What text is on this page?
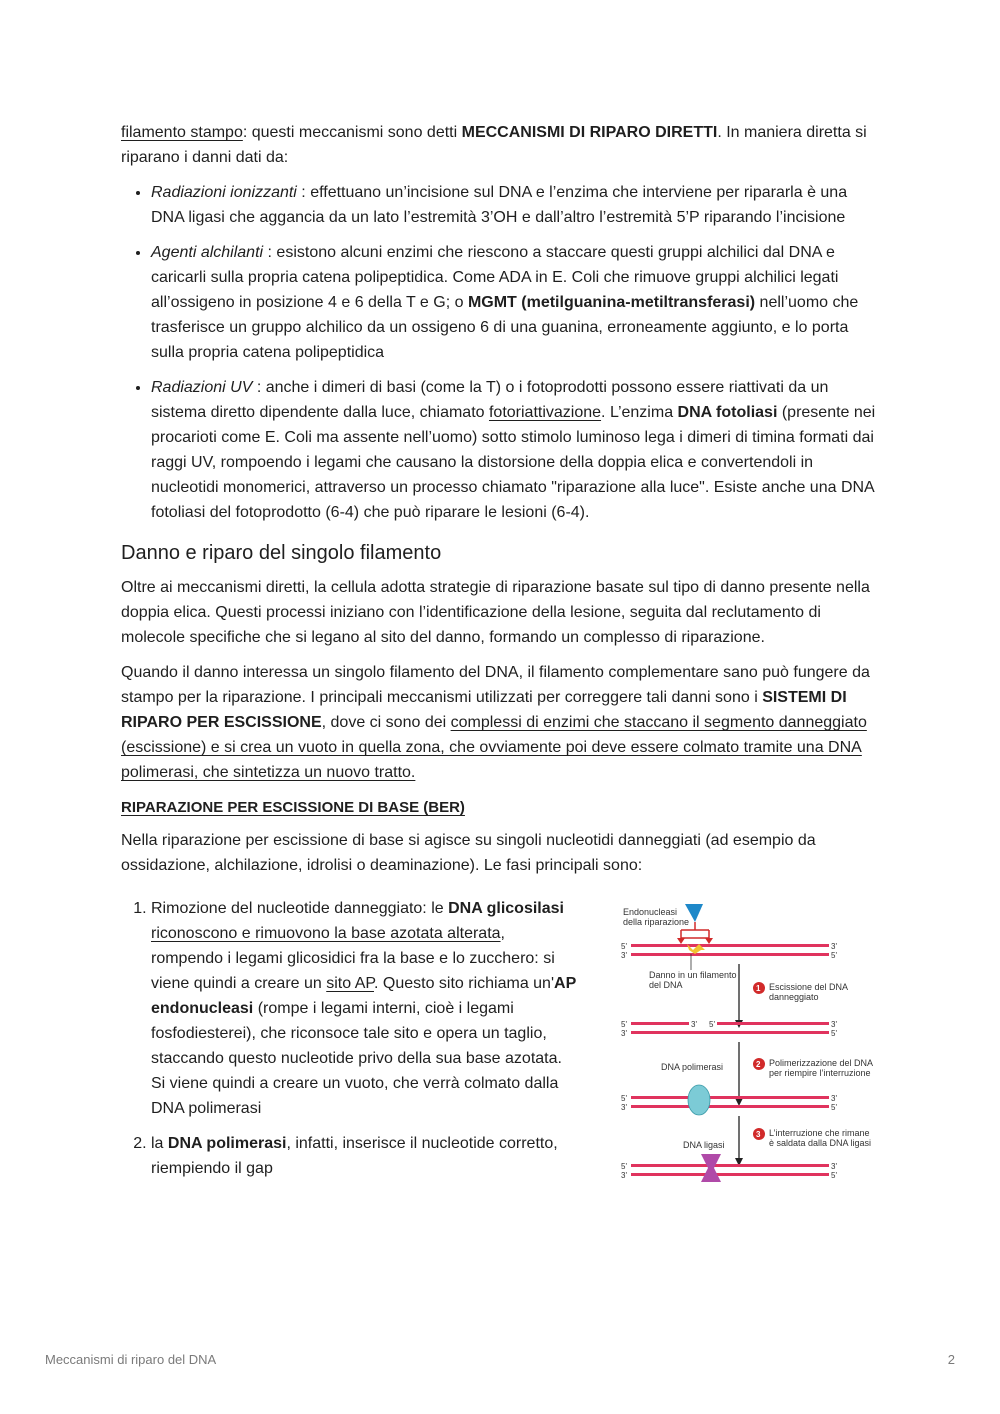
filamento stampo: questi meccanismi sono detti MECCANISMI DI RIPARO DIRETTI. In maniera diretta si riparano i danni dati da:

• Radiazioni ionizzanti : effettuano un’incisione sul DNA e l’enzima che interviene per ripararla è una DNA ligasi che aggancia da un lato l’estremità 3’OH e dall’altro l’estremità 5’P riparando l’incisione
• Agenti alchilanti : esistono alcuni enzimi che riescono a staccare questi gruppi alchilici dal DNA e caricarli sulla propria catena polipeptidica. Come ADA in E. Coli che rimuove gruppi alchilici legati all’ossigeno in posizione 4 e 6 della T e G; o MGMT (metilguanina-metiltransferasi) nell’uomo che trasferisce un gruppo alchilico da un ossigeno 6 di una guanina, erroneamente aggiunto, e lo porta sulla propria catena polipeptidica
• Radiazioni UV : anche i dimeri di basi (come la T) o i fotoprodotti possono essere riattivati da un sistema diretto dipendente dalla luce, chiamato fotoriattivazione. L’enzima DNA fotoliasi (presente nei procarioti come E. Coli ma assente nell’uomo) sotto stimolo luminoso lega i dimeri di timina formati dai raggi UV, rompoendo i legami che causano la distorsione della doppia elica e convertendoli in nucleotidi monomerici, attraverso un processo chiamato "riparazione alla luce". Esiste anche una DNA fotoliasi del fotoprodotto (6-4) che può riparare le lesioni (6-4).
Danno e riparo del singolo filamento

Oltre ai meccanismi diretti, la cellula adotta strategie di riparazione basate sul tipo di danno presente nella doppia elica. Questi processi iniziano con l’identificazione della lesione, seguita dal reclutamento di molecole specifiche che si legano al sito del danno, formando un complesso di riparazione.

Quando il danno interessa un singolo filamento del DNA, il filamento complementare sano può fungere da stampo per la riparazione. I principali meccanismi utilizzati per correggere tali danni sono i SISTEMI DI RIPARO PER ESCISSIONE, dove ci sono dei complessi di enzimi che staccano il segmento danneggiato (escissione) e si crea un vuoto in quella zona, che ovviamente poi deve essere colmato tramite una DNA polimerasi, che sintetizza un nuovo tratto.

RIPARAZIONE PER ESCISSIONE DI BASE (BER)

Nella riparazione per escissione di base si agisce su singoli nucleotidi danneggiati (ad esempio da ossidazione, alchilazione, idrolisi o deaminazione). Le fasi principali sono:

1. Rimozione del nucleotide danneggiato: le DNA glicosilasi riconoscono e rimuovono la base azotata alterata, rompendo i legami glicosidici fra la base e lo zucchero: si viene quindi a creare un sito AP. Questo sito richiama un'AP endonucleasi (rompe i legami interni, cioè i legami fosfodiesterei), che riconsoce tale sito e opera un taglio, staccando questo nucleotide privo della sua base azotata. Si viene quindi a creare un vuoto, che verrà colmato dalla DNA polimerasi
2. la DNA polimerasi, infatti, inserisce il nucleotide corretto, riempiendo il gap
Endonucleasi
della riparazione
5'
3'
3'
5'
Danno in un filamento
del DNA	1 Escissione del DNA
danneggiato
5'
3'
3' 5'	3'
5'
2 Polimerizzazione del DNA
per riempire l’interruzione
DNA polimerasi
5'
3'
3'
5'
3 L’interruzione che rimane
è saldata dalla DNA ligasi
DNA ligasi
5'
3'
3'
5'
Meccanismi di riparo del DNA	2
